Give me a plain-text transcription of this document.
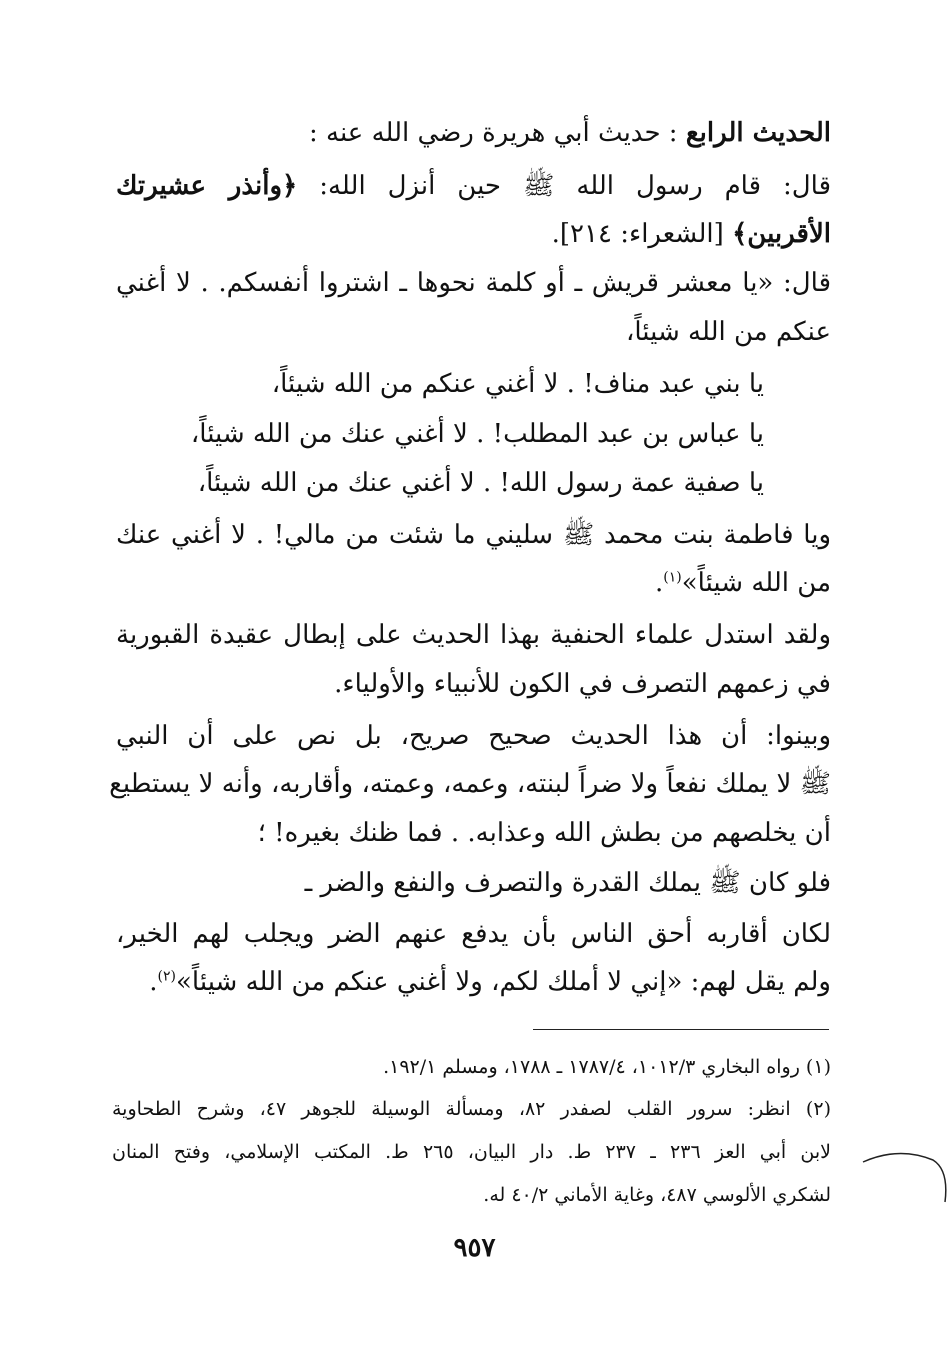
الحديث الرابع : حديث أبي هريرة رضي الله عنه :
قال: قام رسول الله ﷺ حين أنزل الله: ﴿وأنذر عشيرتك
الأقربين﴾ [الشعراء: ٢١٤].
قال: «يا معشر قريش ـ أو كلمة نحوها ـ اشتروا أنفسكم. . لا أغني
عنكم من الله شيئاً،
يا بني عبد مناف! . لا أغني عنكم من الله شيئاً،
يا عباس بن عبد المطلب! . لا أغني عنك من الله شيئاً،
يا صفية عمة رسول الله! . لا أغني عنك من الله شيئاً،
ويا فاطمة بنت محمد ﷺ سليني ما شئت من مالي! . لا أغني عنك
من الله شيئاً»$^{(١)}$.
ولقد استدل علماء الحنفية بهذا الحديث على إبطال عقيدة القبورية
في زعمهم التصرف في الكون للأنبياء والأولياء.
وبينوا: أن هذا الحديث صحيح صريح، بل نص على أن النبي
ﷺ لا يملك نفعاً ولا ضراً لبنته، وعمه، وعمته، وأقاربه، وأنه لا يستطيع
أن يخلصهم من بطش الله وعذابه. . فما ظنك بغيره! ؛
فلو كان ﷺ يملك القدرة والتصرف والنفع والضر ـ
لكان أقاربه أحق الناس بأن يدفع عنهم الضر ويجلب لهم الخير،
ولم يقل لهم: «إني لا أملك لكم، ولا أغني عنكم من الله شيئاً»$^{(٢)}$.
(١) رواه البخاري ١٠١٢/٣، ١٧٨٧/٤ ـ ١٧٨٨، ومسلم ١٩٢/١.
(٢) انظر: سرور القلب لصفدر ٨٢، ومسألة الوسيلة للجوهر ٤٧، وشرح الطحاوية
لابن أبي العز ٢٣٦ ـ ٢٣٧ ط. دار البيان، ٢٦٥ ط. المكتب الإسلامي، وفتح المنان
لشكري الألوسي ٤٨٧، وغاية الأماني ٤٠/٢ له.
٩٥٧
